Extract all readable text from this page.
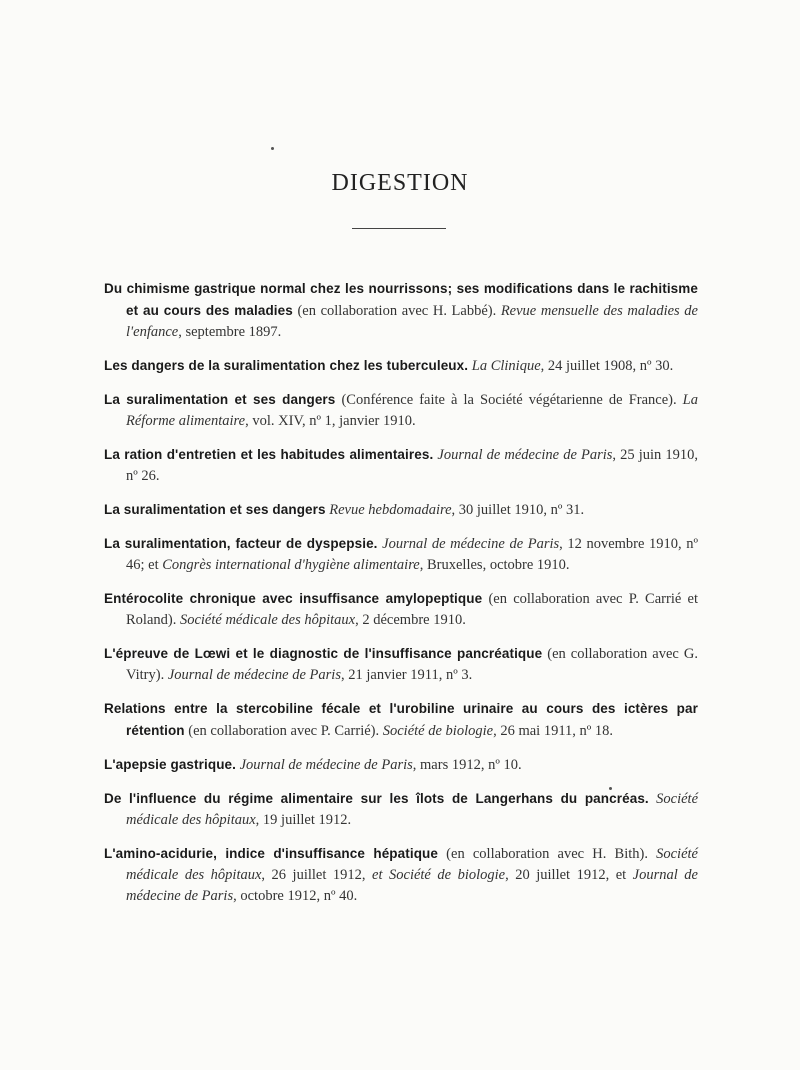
DIGESTION

Du chimisme gastrique normal chez les nourrissons; ses modifications dans le rachitisme et au cours des maladies (en collaboration avec H. Labbé). Revue mensuelle des maladies de l'enfance, septembre 1897.

Les dangers de la suralimentation chez les tuberculeux. La Clinique, 24 juillet 1908, nº 30.

La suralimentation et ses dangers (Conférence faite à la Société végétarienne de France). La Réforme alimentaire, vol. XIV, nº 1, janvier 1910.

La ration d'entretien et les habitudes alimentaires. Journal de médecine de Paris, 25 juin 1910, nº 26.

La suralimentation et ses dangers Revue hebdomadaire, 30 juillet 1910, nº 31.

La suralimentation, facteur de dyspepsie. Journal de médecine de Paris, 12 novembre 1910, nº 46; et Congrès international d'hygiène alimentaire, Bruxelles, octobre 1910.

Entérocolite chronique avec insuffisance amylopeptique (en collaboration avec P. Carrié et Roland). Société médicale des hôpitaux, 2 décembre 1910.

L'épreuve de Lœwi et le diagnostic de l'insuffisance pancréatique (en collaboration avec G. Vitry). Journal de médecine de Paris, 21 janvier 1911, nº 3.

Relations entre la stercobiline fécale et l'urobiline urinaire au cours des ictères par rétention (en collaboration avec P. Carrié). Société de biologie, 26 mai 1911, nº 18.

L'apepsie gastrique. Journal de médecine de Paris, mars 1912, nº 10.

De l'influence du régime alimentaire sur les îlots de Langerhans du pancréas. Société médicale des hôpitaux, 19 juillet 1912.

L'amino-acidurie, indice d'insuffisance hépatique (en collaboration avec H. Bith). Société médicale des hôpitaux, 26 juillet 1912, et Société de biologie, 20 juillet 1912, et Journal de médecine de Paris, octobre 1912, nº 40.
